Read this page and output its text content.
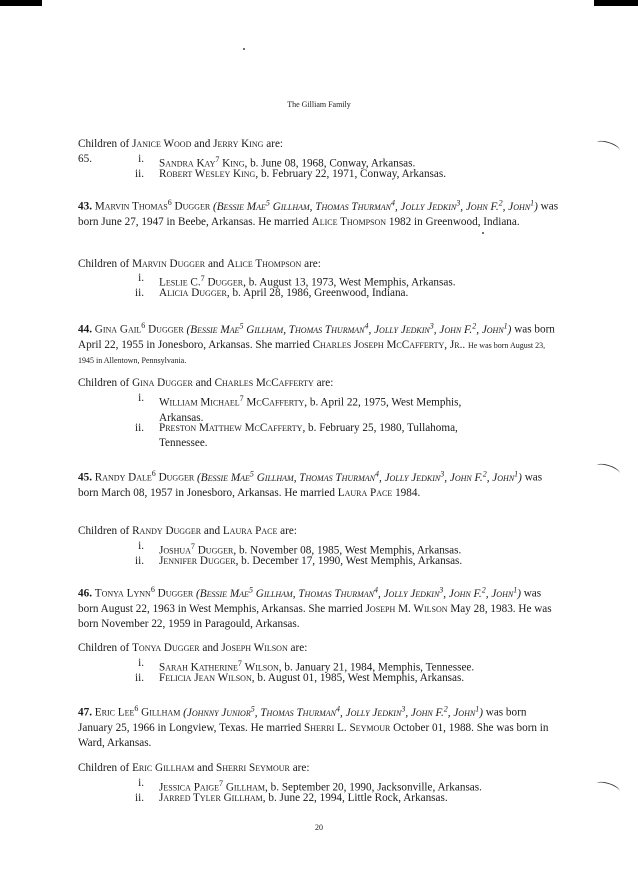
The Gilliam Family
Children of Janice Wood and Jerry King are:
65.	i. Sandra Kay$^7$ King, b. June 08, 1968, Conway, Arkansas.
ii. Robert Wesley King, b. February 22, 1971, Conway, Arkansas.
43. Marvin Thomas$^6$ Dugger (Bessie Mae$^5$ Gillham, Thomas Thurman$^4$, Jolly Jedkin$^3$, John F.$^2$, John$^1$) was born June 27, 1947 in Beebe, Arkansas. He married Alice Thompson 1982 in Greenwood, Indiana.
Children of Marvin Dugger and Alice Thompson are:
i. Leslie C.$^7$ Dugger, b. August 13, 1973, West Memphis, Arkansas.
ii. Alicia Dugger, b. April 28, 1986, Greenwood, Indiana.
44. Gina Gail$^6$ Dugger (Bessie Mae$^5$ Gillham, Thomas Thurman$^4$, Jolly Jedkin$^3$, John F.$^2$, John$^1$) was born April 22, 1955 in Jonesboro, Arkansas. She married Charles Joseph McCafferty, Jr.. He was born August 23, 1945 in Allentown, Pennsylvania.
Children of Gina Dugger and Charles McCafferty are:
i. William Michael$^7$ McCafferty, b. April 22, 1975, West Memphis,
Arkansas.
ii. Preston Matthew McCafferty, b. February 25, 1980, Tullahoma,
Tennessee.
45. Randy Dale$^6$ Dugger (Bessie Mae$^5$ Gillham, Thomas Thurman$^4$, Jolly Jedkin$^3$, John F.$^2$, John$^1$) was born March 08, 1957 in Jonesboro, Arkansas. He married Laura Pace 1984.
Children of Randy Dugger and Laura Pace are:
i. Joshua$^7$ Dugger, b. November 08, 1985, West Memphis, Arkansas.
ii. Jennifer Dugger, b. December 17, 1990, West Memphis, Arkansas.
46. Tonya Lynn$^6$ Dugger (Bessie Mae$^5$ Gillham, Thomas Thurman$^4$, Jolly Jedkin$^3$, John F.$^2$, John$^1$) was born August 22, 1963 in West Memphis, Arkansas. She married Joseph M. Wilson May 28, 1983. He was born November 22, 1959 in Paragould, Arkansas.
Children of Tonya Dugger and Joseph Wilson are:
i. Sarah Katherine$^7$ Wilson, b. January 21, 1984, Memphis, Tennessee.
ii. Felicia Jean Wilson, b. August 01, 1985, West Memphis, Arkansas.
47. Eric Lee$^6$ Gillham (Johnny Junior$^5$, Thomas Thurman$^4$, Jolly Jedkin$^3$, John F.$^2$, John$^1$) was born January 25, 1966 in Longview, Texas. He married Sherri L. Seymour October 01, 1988. She was born in Ward, Arkansas.
Children of Eric Gillham and Sherri Seymour are:
i. Jessica Paige$^7$ Gillham, b. September 20, 1990, Jacksonville, Arkansas.
ii. Jarred Tyler Gillham, b. June 22, 1994, Little Rock, Arkansas.
20
